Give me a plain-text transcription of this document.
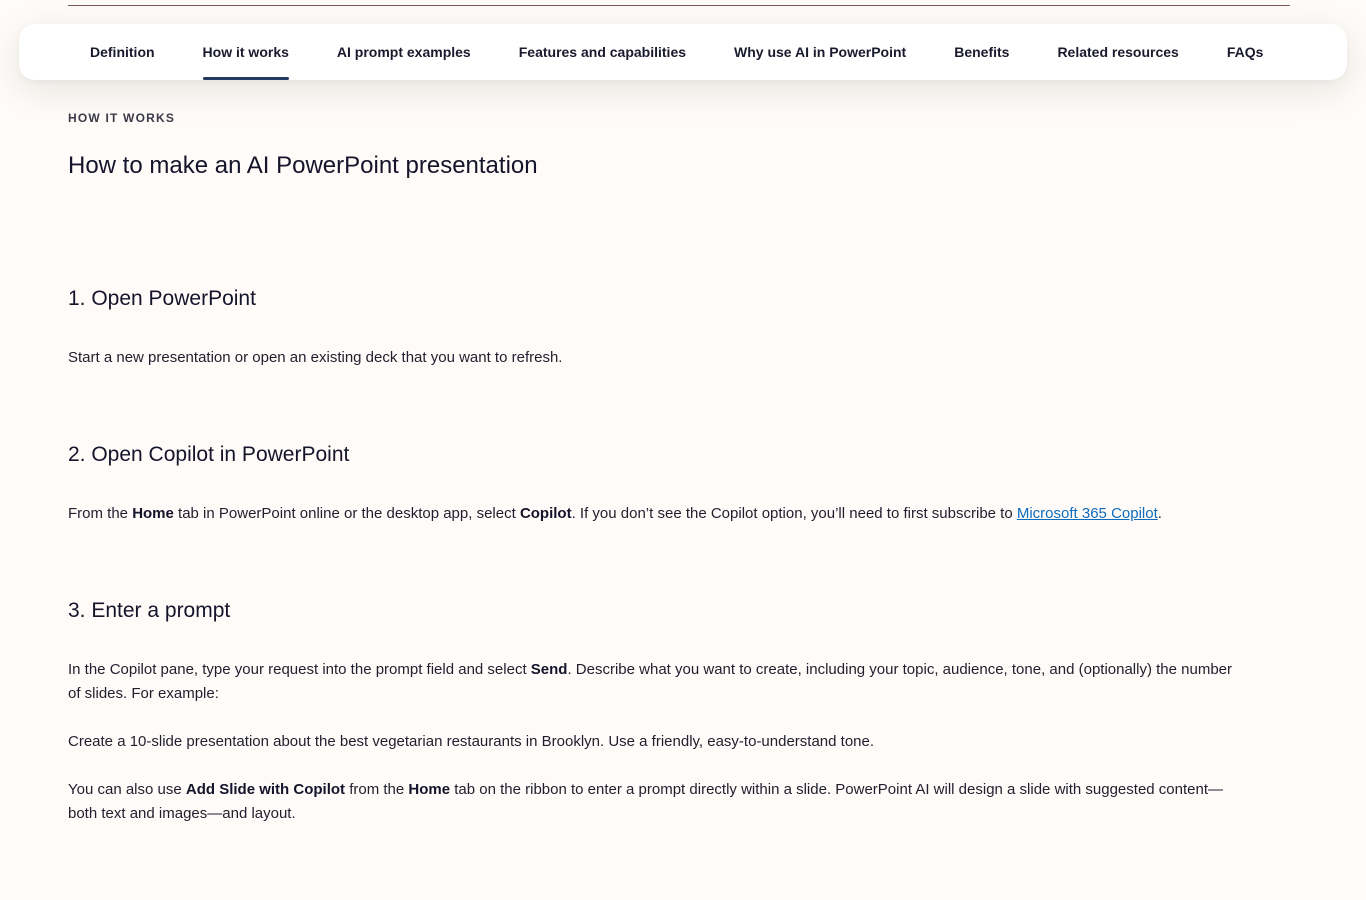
Definition	How it works	AI prompt examples	Features and capabilities	Why use AI in PowerPoint	Benefits	Related resources	FAQs
HOW IT WORKS
How to make an AI PowerPoint presentation
1. Open PowerPoint

Start a new presentation or open an existing deck that you want to refresh.

2. Open Copilot in PowerPoint

From the Home tab in PowerPoint online or the desktop app, select Copilot. If you don’t see the Copilot option, you’ll need to first subscribe to Microsoft 365 Copilot.

3. Enter a prompt

In the Copilot pane, type your request into the prompt field and select Send. Describe what you want to create, including your topic, audience, tone, and (optionally) the number of slides. For example:

Create a 10-slide presentation about the best vegetarian restaurants in Brooklyn. Use a friendly, easy-to-understand tone.

You can also use Add Slide with Copilot from the Home tab on the ribbon to enter a prompt directly within a slide. PowerPoint AI will design a slide with suggested content—both text and images—and layout.
